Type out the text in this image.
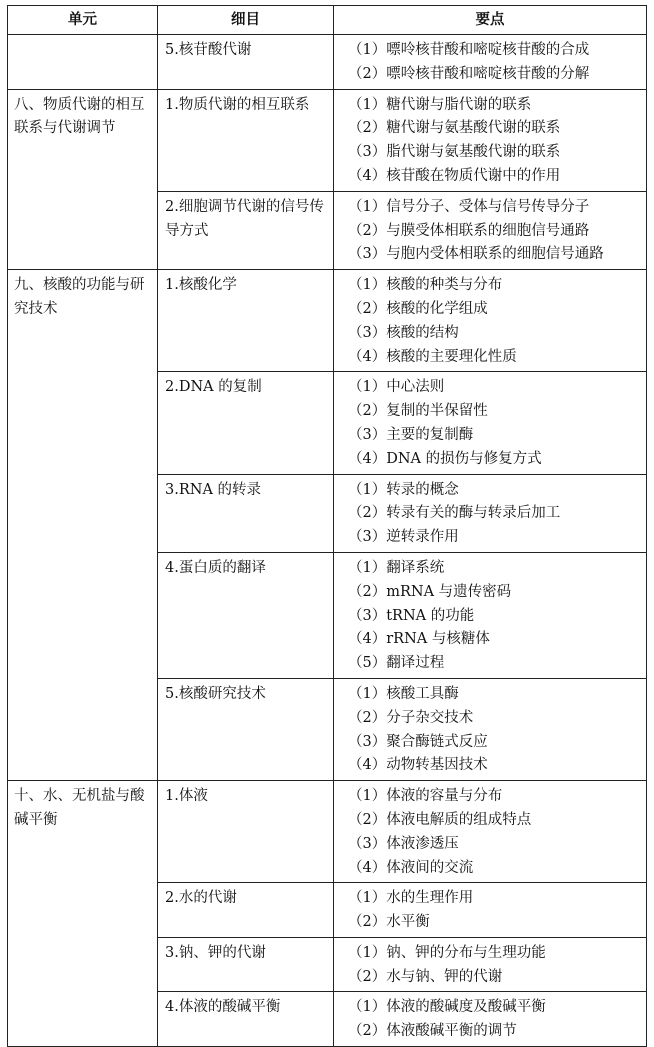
单元	细目	要点
	5.核苷酸代谢	（1）嘌呤核苷酸和嘧啶核苷酸的合成
（2）嘌呤核苷酸和嘧啶核苷酸的分解

八、物质代谢的相互联系与代谢调节	1.物质代谢的相互联系	（1）糖代谢与脂代谢的联系
（2）糖代谢与氨基酸代谢的联系
（3）脂代谢与氨基酸代谢的联系
（4）核苷酸在物质代谢中的作用

	2.细胞调节代谢的信号传导方式	（1）信号分子、受体与信号传导分子
（2）与膜受体相联系的细胞信号通路
（3）与胞内受体相联系的细胞信号通路

九、核酸的功能与研究技术	1.核酸化学	（1）核酸的种类与分布
（2）核酸的化学组成
（3）核酸的结构
（4）核酸的主要理化性质

	2.DNA 的复制	（1）中心法则
（2）复制的半保留性
（3）主要的复制酶
（4）DNA 的损伤与修复方式

	3.RNA 的转录	（1）转录的概念
（2）转录有关的酶与转录后加工
（3）逆转录作用

	4.蛋白质的翻译	（1）翻译系统
（2）mRNA 与遗传密码
（3）tRNA 的功能
（4）rRNA 与核糖体
（5）翻译过程

	5.核酸研究技术	（1）核酸工具酶
（2）分子杂交技术
（3）聚合酶链式反应
（4）动物转基因技术

十、水、无机盐与酸碱平衡	1.体液	（1）体液的容量与分布
（2）体液电解质的组成特点
（3）体液渗透压
（4）体液间的交流

	2.水的代谢	（1）水的生理作用
（2）水平衡

	3.钠、钾的代谢	（1）钠、钾的分布与生理功能
（2）水与钠、钾的代谢

	4.体液的酸碱平衡	（1）体液的酸碱度及酸碱平衡
（2）体液酸碱平衡的调节
